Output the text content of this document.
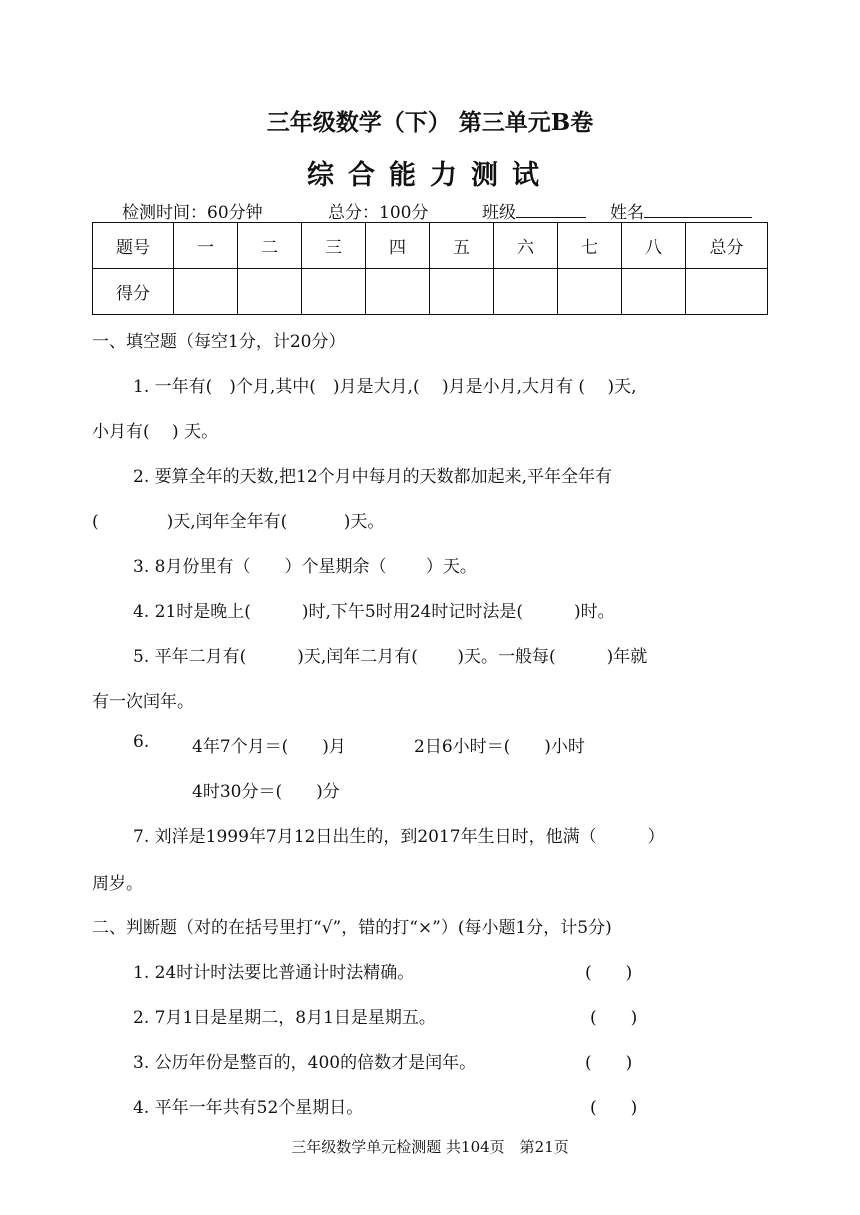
三年级数学（下） 第三单元B卷
综合能力测试
检测时间：60分钟	总分：100分	班级	姓名
题号	一	二	三	四	五	六	七	八	总分
得分									
一、填空题（每空1分，计20分）
1. 一年有(　)个月,其中(　)月是大月,(　 )月是小月,大月有 (　 )天,
小月有(　 ) 天。
2. 要算全年的天数,把12个月中每月的天数都加起来,平年全年有
(　　　　)天,闰年全年有(　　　 )天。
3. 8月份里有（　　）个星期余（　　 ）天。
4. 21时是晚上(　　　)时,下午5时用24时记时法是(　　　)时。
5. 平年二月有(　　　)天,闰年二月有(　　 )天。一般每(　　　)年就
有一次闰年。
6.	4年7个月＝(　　)月	2日6小时＝(　　)小时
4时30分＝(　　)分
7. 刘洋是1999年7月12日出生的，到2017年生日时，他满（　　　）
周岁。
二、判断题（对的在括号里打“√”，错的打“×”）(每小题1分，计5分)
1. 24时计时法要比普通计时法精确。	(　　)
2. 7月1日是星期二，8月1日是星期五。	(　　)
3. 公历年份是整百的，400的倍数才是闰年。	(　　)
4. 平年一年共有52个星期日。	(　　)
三年级数学单元检测题 共104页　第21页
